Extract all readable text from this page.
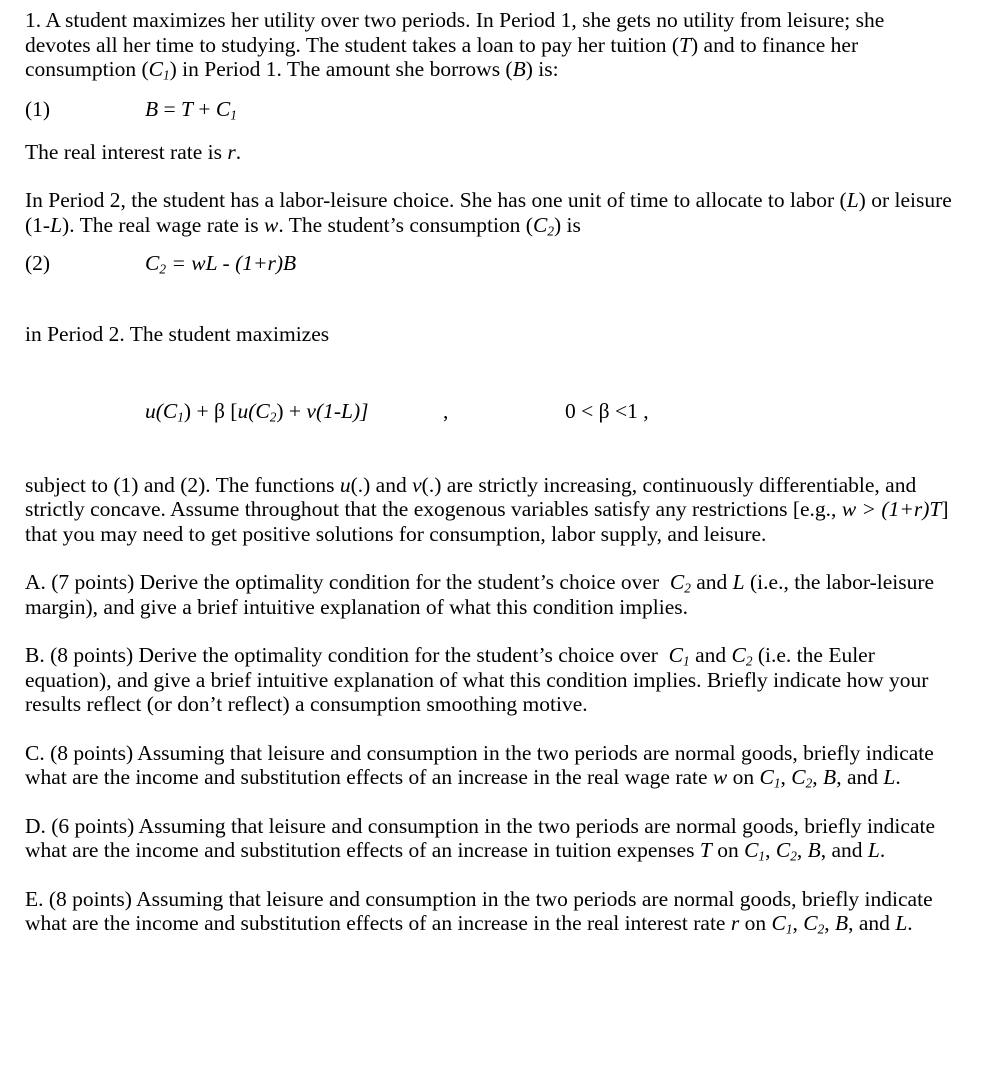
1. A student maximizes her utility over two periods. In Period 1, she gets no utility from leisure; she devotes all her time to studying. The student takes a loan to pay her tuition (T) and to finance her consumption $(C_1)$ in Period 1. The amount she borrows (B) is:

(1)	$B = T + C_1$

The real interest rate is r.

In Period 2, the student has a labor-leisure choice. She has one unit of time to allocate to labor (L) or leisure (1-L). The real wage rate is w. The student’s consumption $(C_2)$ is

(2)	$C_2$ = wL - (1+r)B

in Period 2. The student maximizes

$u(C_1) + \beta$ $[u(C_2) + v(1-L)]$	,	0 < β <1 ,

subject to (1) and (2). The functions u(.) and v(.) are strictly increasing, continuously differentiable, and strictly concave. Assume throughout that the exogenous variables satisfy any restrictions [e.g., w > (1+r)T] that you may need to get positive solutions for consumption, labor supply, and leisure.

A. (7 points) Derive the optimality condition for the student’s choice over  $C_2$ and L (i.e., the labor-leisure margin), and give a brief intuitive explanation of what this condition implies.

B. (8 points) Derive the optimality condition for the student’s choice over  $C_1$ and $C_2$ (i.e. the Euler equation), and give a brief intuitive explanation of what this condition implies. Briefly indicate how your results reflect (or don’t reflect) a consumption smoothing motive.

C. (8 points) Assuming that leisure and consumption in the two periods are normal goods, briefly indicate what are the income and substitution effects of an increase in the real wage rate w on $C_1$, $C_2$, B, and L.

D. (6 points) Assuming that leisure and consumption in the two periods are normal goods, briefly indicate what are the income and substitution effects of an increase in tuition expenses T on $C_1$, $C_2$, B, and L.

E. (8 points) Assuming that leisure and consumption in the two periods are normal goods, briefly indicate what are the income and substitution effects of an increase in the real interest rate r on $C_1$, $C_2$, B, and L.
